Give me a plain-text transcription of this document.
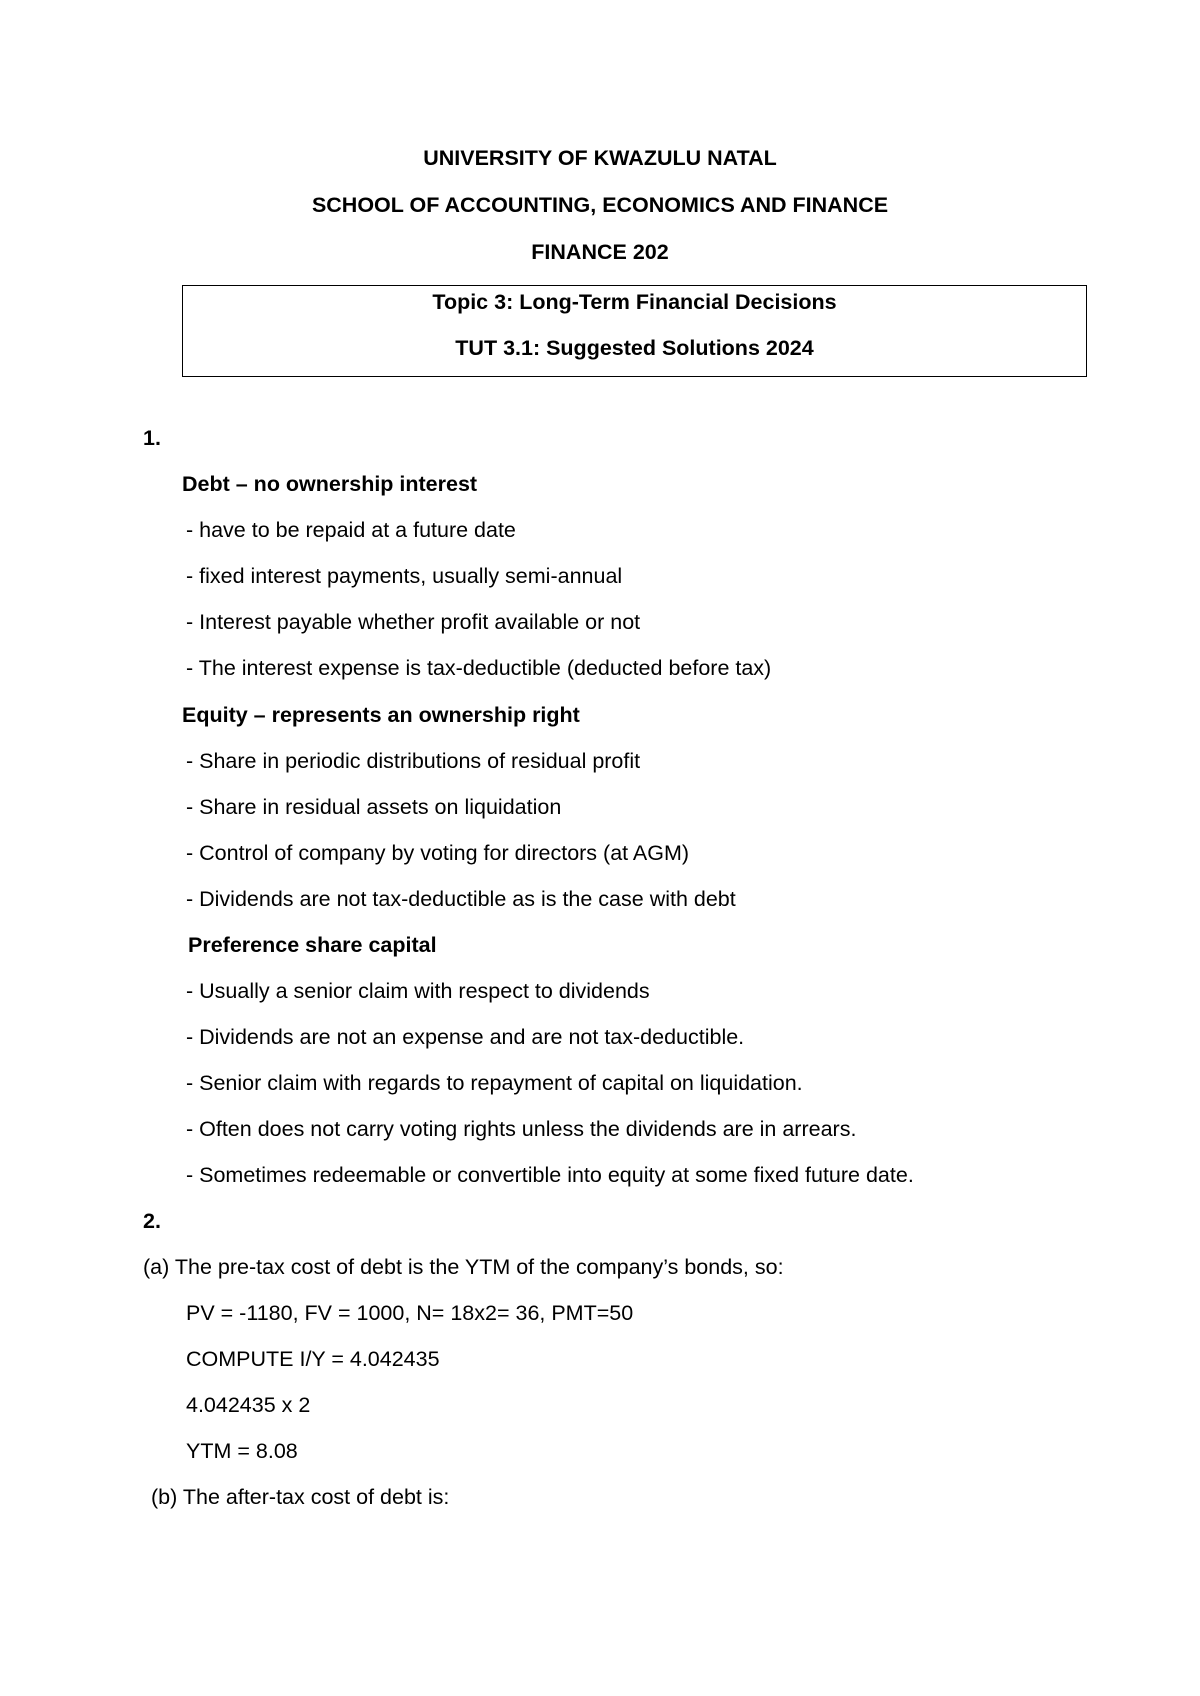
UNIVERSITY OF KWAZULU NATAL
SCHOOL OF ACCOUNTING, ECONOMICS AND FINANCE
FINANCE 202
Topic 3: Long-Term Financial Decisions
TUT 3.1: Suggested Solutions 2024
1.
Debt – no ownership interest
- have to be repaid at a future date
- fixed interest payments, usually semi-annual
- Interest payable whether profit available or not
- The interest expense is tax-deductible (deducted before tax)
Equity – represents an ownership right
- Share in periodic distributions of residual profit
- Share in residual assets on liquidation
- Control of company by voting for directors (at AGM)
- Dividends are not tax-deductible as is the case with debt
Preference share capital
- Usually a senior claim with respect to dividends
- Dividends are not an expense and are not tax-deductible.
- Senior claim with regards to repayment of capital on liquidation.
- Often does not carry voting rights unless the dividends are in arrears.
- Sometimes redeemable or convertible into equity at some fixed future date.
2.
(a) The pre-tax cost of debt is the YTM of the company’s bonds, so:
PV = -1180, FV = 1000, N= 18x2= 36, PMT=50
COMPUTE I/Y = 4.042435
4.042435 x 2
YTM = 8.08
(b) The after-tax cost of debt is:
